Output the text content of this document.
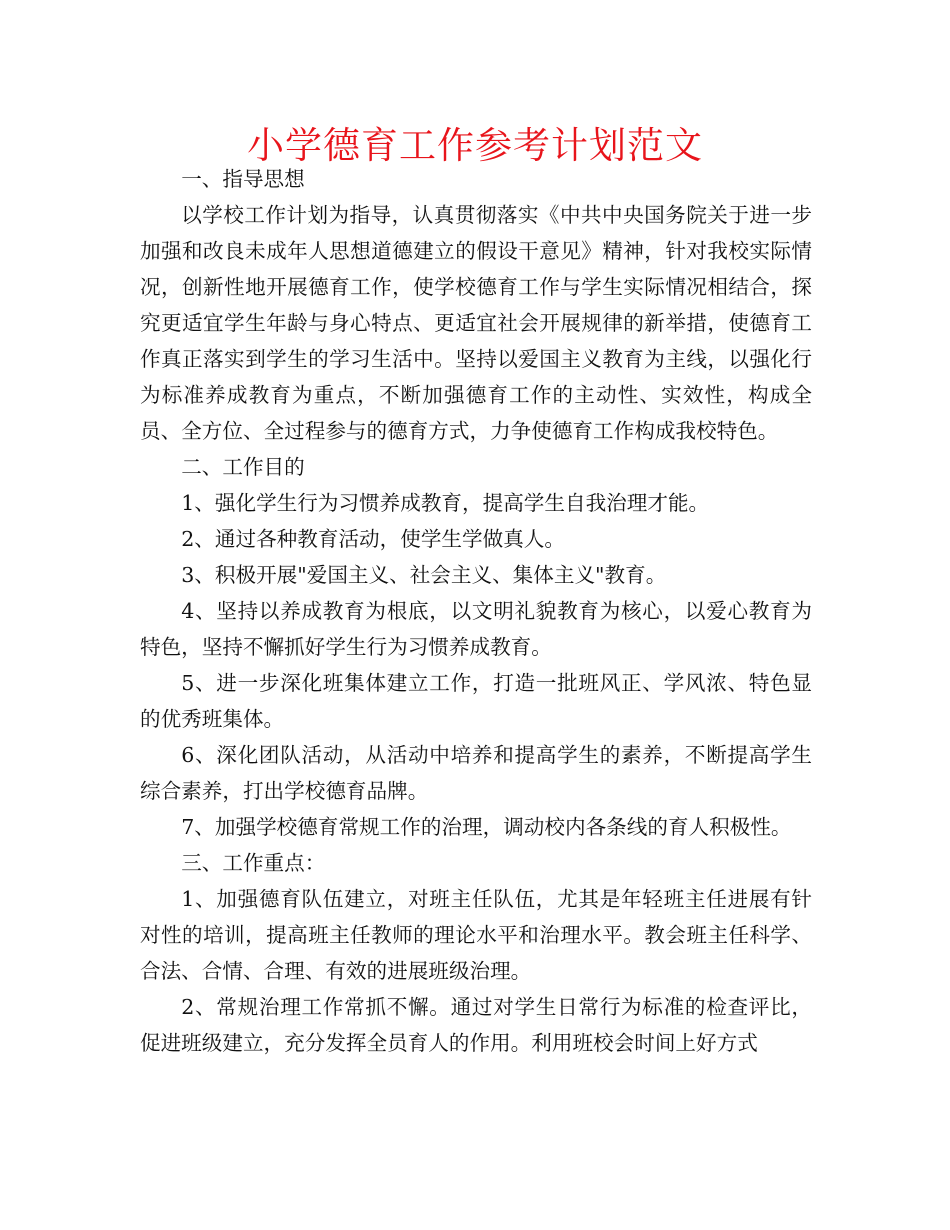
小学德育工作参考计划范文

一、指导思想

以学校工作计划为指导，认真贯彻落实《中共中央国务院关于进一步加强和改良未成年人思想道德建立的假设干意见》精神，针对我校实际情况，创新性地开展德育工作，使学校德育工作与学生实际情况相结合，探究更适宜学生年龄与身心特点、更适宜社会开展规律的新举措，使德育工作真正落实到学生的学习生活中。坚持以爱国主义教育为主线，以强化行为标准养成教育为重点，不断加强德育工作的主动性、实效性，构成全员、全方位、全过程参与的德育方式，力争使德育工作构成我校特色。

二、工作目的

1、强化学生行为习惯养成教育，提高学生自我治理才能。

2、通过各种教育活动，使学生学做真人。

3、积极开展"爱国主义、社会主义、集体主义"教育。

4、坚持以养成教育为根底，以文明礼貌教育为核心，以爱心教育为特色，坚持不懈抓好学生行为习惯养成教育。

5、进一步深化班集体建立工作，打造一批班风正、学风浓、特色显的优秀班集体。

6、深化团队活动，从活动中培养和提高学生的素养，不断提高学生综合素养，打出学校德育品牌。

7、加强学校德育常规工作的治理，调动校内各条线的育人积极性。

三、工作重点：

1、加强德育队伍建立，对班主任队伍，尤其是年轻班主任进展有针对性的培训，提高班主任教师的理论水平和治理水平。教会班主任科学、合法、合情、合理、有效的进展班级治理。

2、常规治理工作常抓不懈。通过对学生日常行为标准的检查评比，促进班级建立，充分发挥全员育人的作用。利用班校会时间上好方式
